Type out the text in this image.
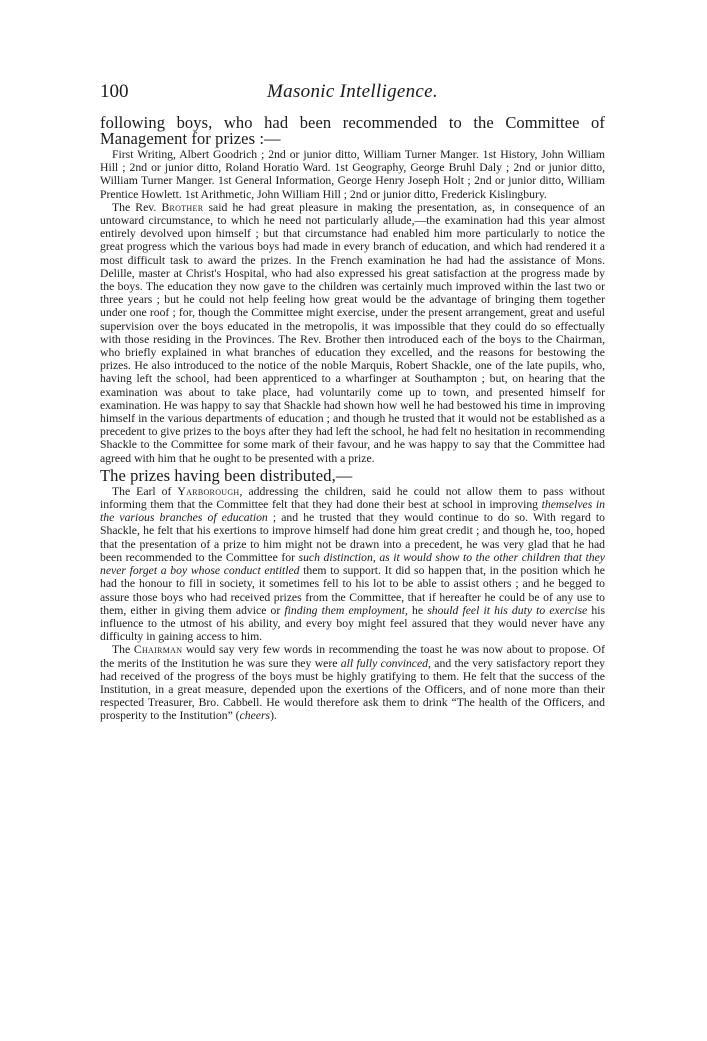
100	Masonic Intelligence.

following boys, who had been recommended to the Committee of Management for prizes :—

First Writing, Albert Goodrich ; 2nd or junior ditto, William Turner Manger. 1st History, John William Hill ; 2nd or junior ditto, Roland Horatio Ward. 1st Geography, George Bruhl Daly ; 2nd or junior ditto, William Turner Manger. 1st General Information, George Henry Joseph Holt ; 2nd or junior ditto, William Prentice Howlett. 1st Arithmetic, John William Hill ; 2nd or junior ditto, Frederick Kislingbury.

The Rev. Brother said he had great pleasure in making the presentation, as, in consequence of an untoward circumstance, to which he need not particularly allude,—the examination had this year almost entirely devolved upon himself ; but that circumstance had enabled him more particularly to notice the great progress which the various boys had made in every branch of education, and which had rendered it a most difficult task to award the prizes. In the French examination he had had the assistance of Mons. Delille, master at Christ's Hospital, who had also expressed his great satisfaction at the progress made by the boys. The education they now gave to the children was certainly much improved within the last two or three years ; but he could not help feeling how great would be the advantage of bringing them together under one roof ; for, though the Committee might exercise, under the present arrangement, great and useful supervision over the boys educated in the metropolis, it was impossible that they could do so effectually with those residing in the Provinces. The Rev. Brother then introduced each of the boys to the Chairman, who briefly explained in what branches of education they excelled, and the reasons for bestowing the prizes. He also introduced to the notice of the noble Marquis, Robert Shackle, one of the late pupils, who, having left the school, had been apprenticed to a wharfinger at Southampton ; but, on hearing that the examination was about to take place, had voluntarily come up to town, and presented himself for examination. He was happy to say that Shackle had shown how well he had bestowed his time in improving himself in the various departments of education ; and though he trusted that it would not be established as a precedent to give prizes to the boys after they had left the school, he had felt no hesitation in recommending Shackle to the Committee for some mark of their favour, and he was happy to say that the Committee had agreed with him that he ought to be presented with a prize.

The prizes having been distributed,—

The Earl of Yarborough, addressing the children, said he could not allow them to pass without informing them that the Committee felt that they had done their best at school in improving themselves in the various branches of education ; and he trusted that they would continue to do so. With regard to Shackle, he felt that his exertions to improve himself had done him great credit ; and though he, too, hoped that the presentation of a prize to him might not be drawn into a precedent, he was very glad that he had been recommended to the Committee for such distinction, as it would show to the other children that they never forget a boy whose conduct entitled them to support. It did so happen that, in the position which he had the honour to fill in society, it sometimes fell to his lot to be able to assist others ; and he begged to assure those boys who had received prizes from the Committee, that if hereafter he could be of any use to them, either in giving them advice or finding them employment, he should feel it his duty to exercise his influence to the utmost of his ability, and every boy might feel assured that they would never have any difficulty in gaining access to him.

The Chairman would say very few words in recommending the toast he was now about to propose. Of the merits of the Institution he was sure they were all fully convinced, and the very satisfactory report they had received of the progress of the boys must be highly gratifying to them. He felt that the success of the Institution, in a great measure, depended upon the exertions of the Officers, and of none more than their respected Treasurer, Bro. Cabbell. He would therefore ask them to drink “The health of the Officers, and prosperity to the Institution” (cheers).
